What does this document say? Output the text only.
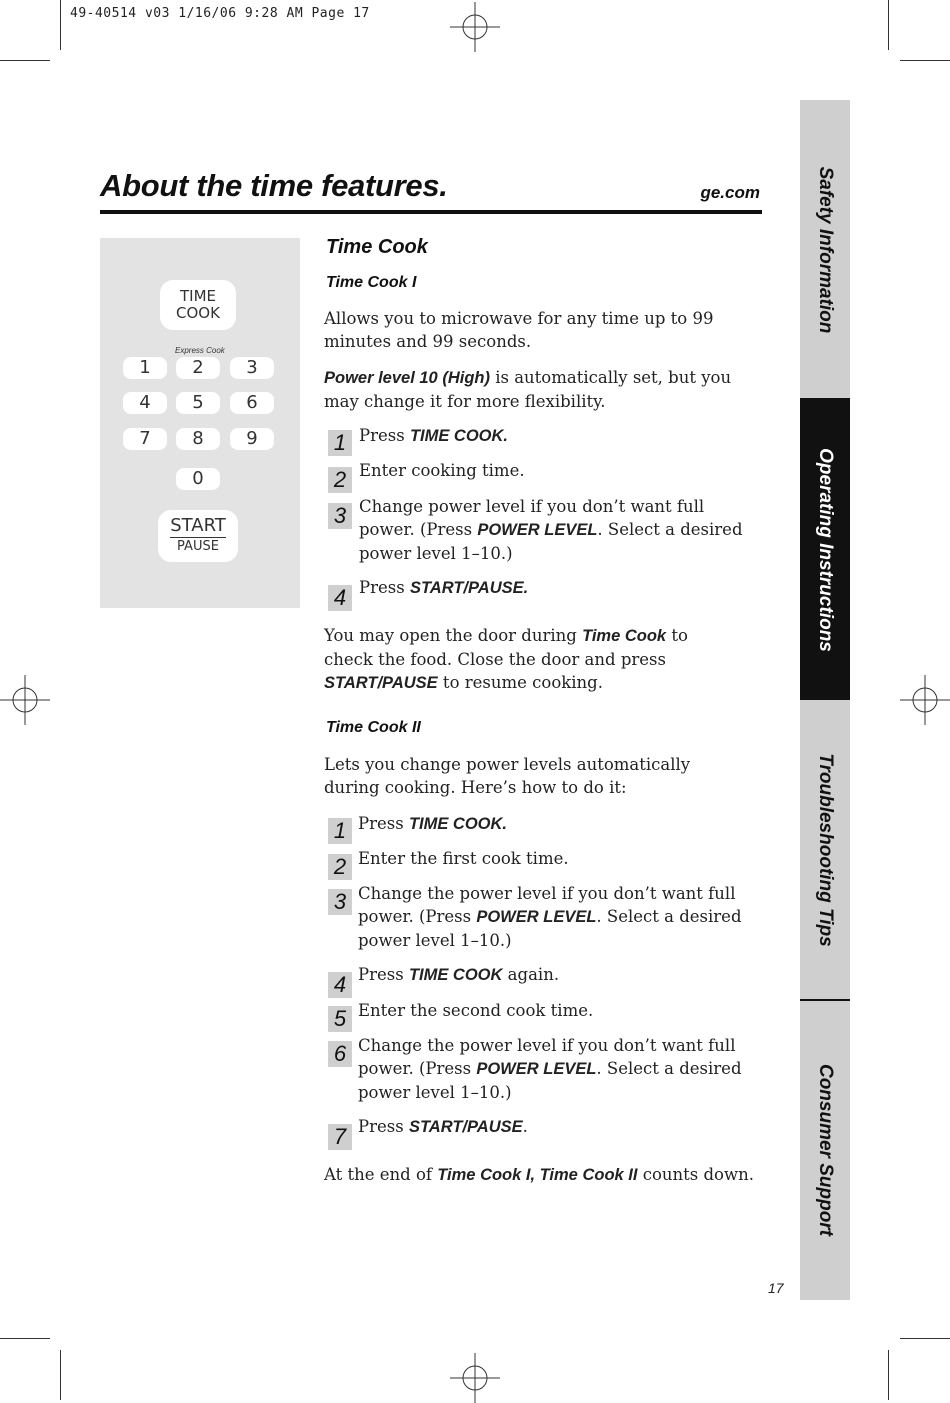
49-40514 v03 1/16/06 9:28 AM Page 17
About the time features.	ge.com
TIME
COOK
Express Cook
1	2	3
4	5	6
7	8	9
0
START
PAUSE
Time Cook
Time Cook I
Allows you to microwave for any time up to 99 minutes and 99 seconds.
Power level 10 (High) is automatically set, but you may change it for more flexibility.
1 Press TIME COOK.
2 Enter cooking time.
3 Change power level if you don’t want full power. (Press POWER LEVEL. Select a desired power level 1–10.)
4 Press START/PAUSE.
You may open the door during Time Cook to check the food. Close the door and press START/PAUSE to resume cooking.
Time Cook II
Lets you change power levels automatically during cooking. Here’s how to do it:
1 Press TIME COOK.
2 Enter the first cook time.
3 Change the power level if you don’t want full power. (Press POWER LEVEL. Select a desired power level 1–10.)
4 Press TIME COOK again.
5 Enter the second cook time.
6 Change the power level if you don’t want full power. (Press POWER LEVEL. Select a desired power level 1–10.)
7 Press START/PAUSE.
At the end of Time Cook I, Time Cook II counts down.
Safety Information
Operating Instructions
Troubleshooting Tips
Consumer Support
17
